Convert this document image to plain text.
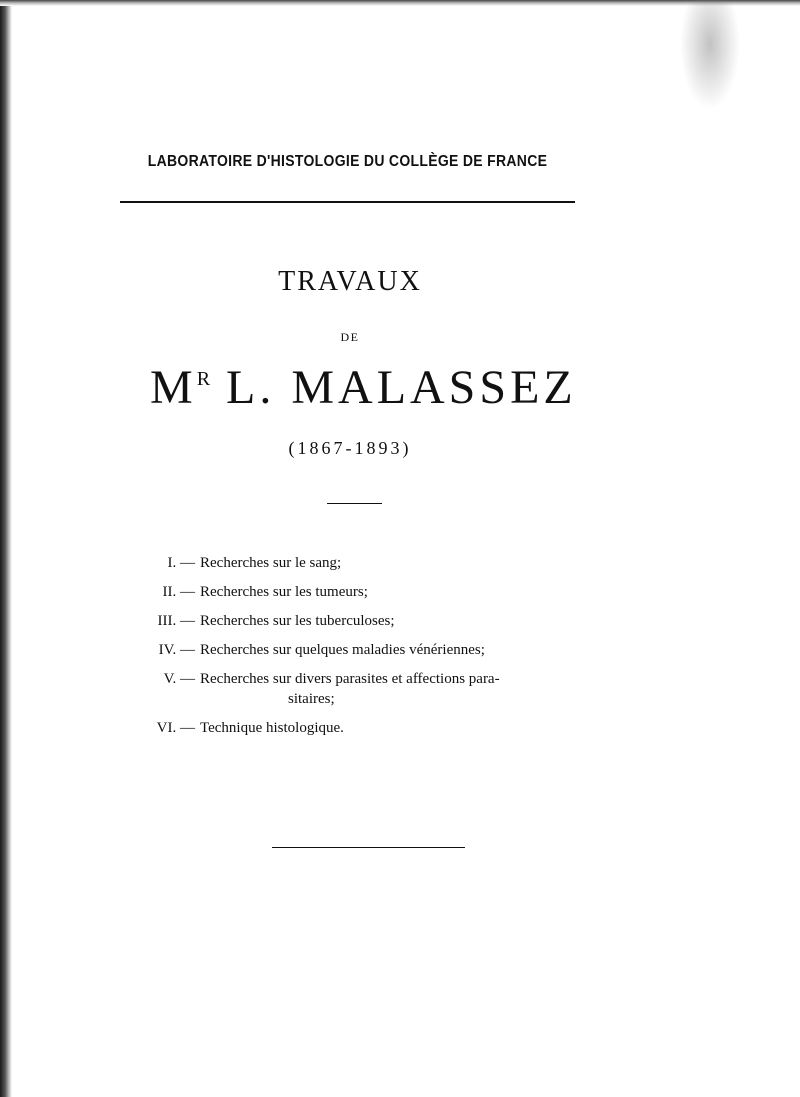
LABORATOIRE D'HISTOLOGIE DU COLLÈGE DE FRANCE
TRAVAUX
DE
$M^R$ L. MALASSEZ
(1867-1893)
I. — Recherches sur le sang;
II. — Recherches sur les tumeurs;
III. — Recherches sur les tuberculoses;
IV. — Recherches sur quelques maladies vénériennes;
V. — Recherches sur divers parasites et affections para-
sitaires;
VI. — Technique histologique.
